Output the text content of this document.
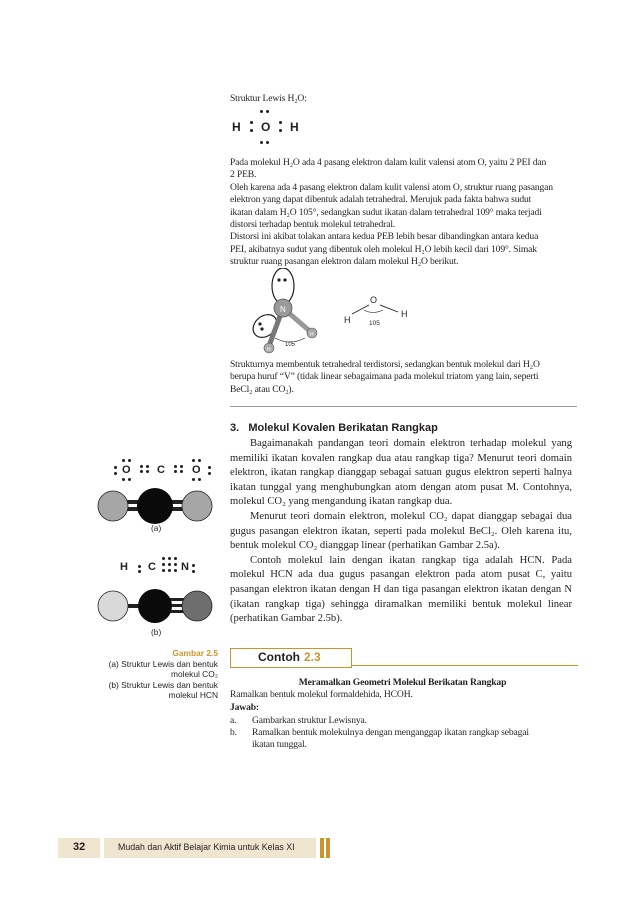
Struktur Lewis H₂O:
H O H
Pada molekul H₂O ada 4 pasang elektron dalam kulit valensi atom O, yaitu 2 PEI dan
2 PEB.
Oleh karena ada 4 pasang elektron dalam kulit valensi atom O, struktur ruang pasangan
elektron yang dapat dibentuk adalah tetrahedral. Merujuk pada fakta bahwa sudut
ikatan dalam H₂O 105°, sedangkan sudut ikatan dalam tetrahedral 109° maka terjadi
distorsi terhadap bentuk molekul tetrahedral.
Distorsi ini akibat tolakan antara kedua PEB lebih besar dibandingkan antara kedua
PEI, akibatnya sudut yang dibentuk oleh molekul H₂O lebih kecil dari 109°. Simak
struktur ruang pasangan elektron dalam molekul H₂O berikut.
N
H
H
105
O
H
H
105
Strukturnya membentuk tetrahedral terdistorsi, sedangkan bentuk molekul dari H₂O
berupa huruf “V” (tidak linear sebagaimana pada molekul triatom yang lain, seperti
BeCl₂ atau CO₂).
3.   Molekul Kovalen Berikatan Rangkap

Bagaimanakah pandangan teori domain elektron terhadap molekul yang memiliki ikatan kovalen rangkap dua atau rangkap tiga? Menurut teori domain elektron, ikatan rangkap dianggap sebagai satuan gugus elektron seperti halnya ikatan tunggal yang menghubungkan atom dengan atom pusat M. Contohnya, molekul CO₂ yang mengandung ikatan rangkap dua.

Menurut teori domain elektron, molekul CO₂ dapat dianggap sebagai dua gugus pasangan elektron ikatan, seperti pada molekul BeCl₂. Oleh karena itu, bentuk molekul CO₂ dianggap linear (perhatikan Gambar 2.5a).

Contoh molekul lain dengan ikatan rangkap tiga adalah HCN. Pada molekul HCN ada dua gugus pasangan elektron pada atom pusat C, yaitu pasangan elektron ikatan dengan H dan tiga pasangan elektron ikatan dengan N (ikatan rangkap tiga) sehingga diramalkan memiliki bentuk molekul linear (perhatikan Gambar 2.5b).

O C O
(a)
H C N
(b)
Gambar 2.5
(a) Struktur Lewis dan bentuk
molekul CO₂
(b) Struktur Lewis dan bentuk
molekul HCN
Contoh 2.3
Meramalkan Geometri Molekul Berikatan Rangkap
Ramalkan bentuk molekul formaldehida, HCOH.
Jawab:
a. Gambarkan struktur Lewisnya.
b. Ramalkan bentuk molekulnya dengan menganggap ikatan rangkap sebagai
ikatan tunggal.
32	Mudah dan Aktif Belajar Kimia untuk Kelas XI
